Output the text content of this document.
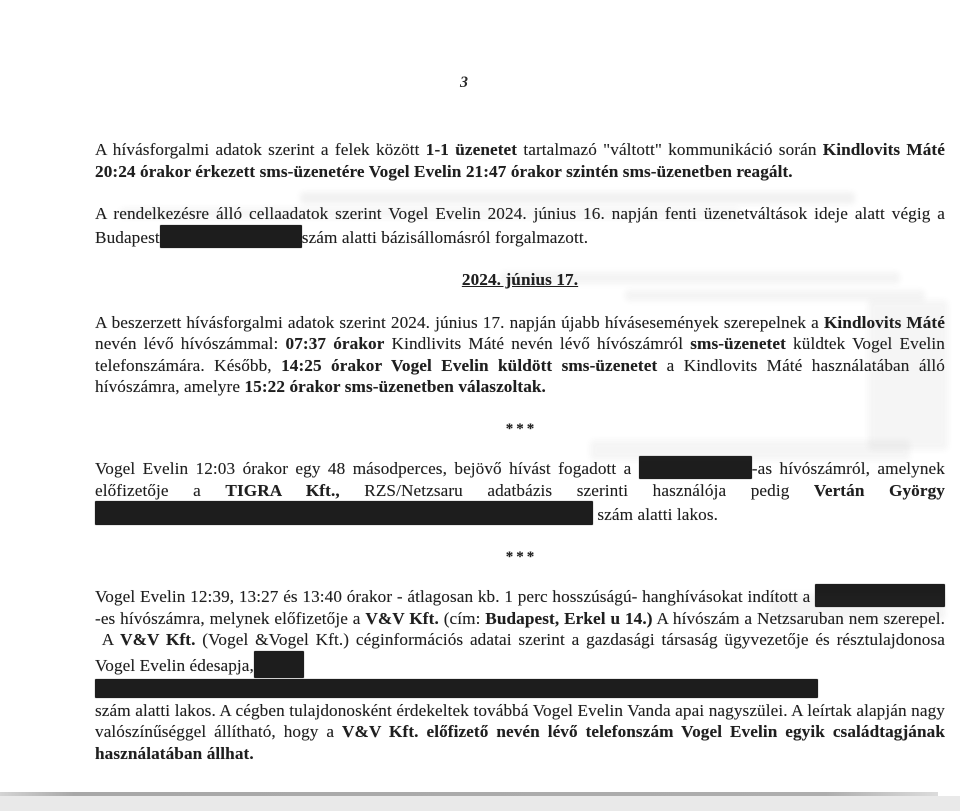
3
A hívásforgalmi adatok szerint a felek között 1-1 üzenetet tartalmazó "váltott" kommunikáció során Kindlovits Máté 20:24 órakor érkezett sms-üzenetére Vogel Evelin 21:47 órakor szintén sms-üzenetben reagált.
A rendelkezésre álló cellaadatok szerint Vogel Evelin 2024. június 16. napján fenti üzenetváltások ideje alatt végig a Budapest	szám alatti bázisállomásról forgalmazott.
2024. június 17.
A beszerzett hívásforgalmi adatok szerint 2024. június 17. napján újabb hívásesemények szerepelnek a Kindlovits Máté nevén lévő hívószámmal: 07:37 órakor Kindlivits Máté nevén lévő hívószámról sms-üzenetet küldtek Vogel Evelin telefonszámára. Később, 14:25 órakor Vogel Evelin küldött sms-üzenetet a Kindlovits Máté használatában álló hívószámra, amelyre 15:22 órakor sms-üzenetben válaszoltak.
***
Vogel Evelin 12:03 órakor egy 48 másodperces, bejövő hívást fogadott a	-as hívószámról, amelynek előfizetője a TIGRA Kft., RZS/Netzsaru adatbázis szerinti használója pedig Vertán György  szám alatti lakos.
***
Vogel Evelin 12:39, 13:27 és 13:40 órakor - átlagosan kb. 1 perc hosszúságú- hanghívásokat indított a -es hívószámra, melynek előfizetője a V&V Kft. (cím: Budapest, Erkel u 14.) A hívószám a Netzsaruban nem szerepel.  A V&V Kft. (Vogel &Vogel Kft.) céginformációs adatai szerint a gazdasági társaság ügyvezetője és résztulajdonosa Vogel Evelin édesapja,
szám alatti lakos. A cégben tulajdonosként érdekeltek továbbá Vogel Evelin Vanda apai nagyszülei. A leírtak alapján nagy valószínűséggel állítható, hogy a V&V Kft. előfizető nevén lévő telefonszám Vogel Evelin egyik családtagjának használatában állhat.
